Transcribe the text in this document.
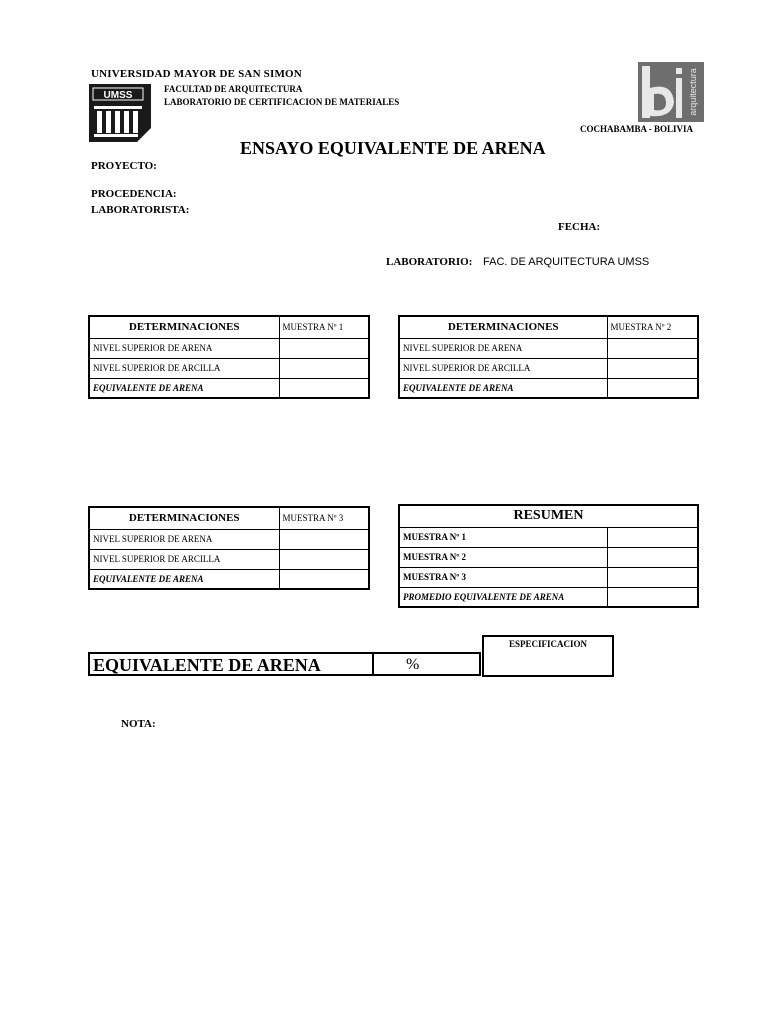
UNIVERSIDAD MAYOR DE SAN SIMON
FACULTAD DE ARQUITECTURA
LABORATORIO DE CERTIFICACION DE MATERIALES
UMSS	arquitectura
COCHABAMBA - BOLIVIA
ENSAYO EQUIVALENTE DE ARENA
PROYECTO:
PROCEDENCIA:
LABORATORISTA:
FECHA:
LABORATORIO: FAC. DE ARQUITECTURA UMSS
DETERMINACIONES	MUESTRA Nº 1
NIVEL SUPERIOR DE ARENA	
NIVEL SUPERIOR DE ARCILLA	
EQUIVALENTE DE ARENA	
DETERMINACIONES	MUESTRA Nº 2
NIVEL SUPERIOR DE ARENA	
NIVEL SUPERIOR DE ARCILLA	
EQUIVALENTE DE ARENA	
DETERMINACIONES	MUESTRA Nº 3
NIVEL SUPERIOR DE ARENA	
NIVEL SUPERIOR DE ARCILLA	
EQUIVALENTE DE ARENA	
RESUMEN	
MUESTRA Nº 1	
MUESTRA Nº 2	
MUESTRA Nº 3	
PROMEDIO EQUIVALENTE DE ARENA	
EQUIVALENTE DE ARENA	%
ESPECIFICACION
NOTA:
